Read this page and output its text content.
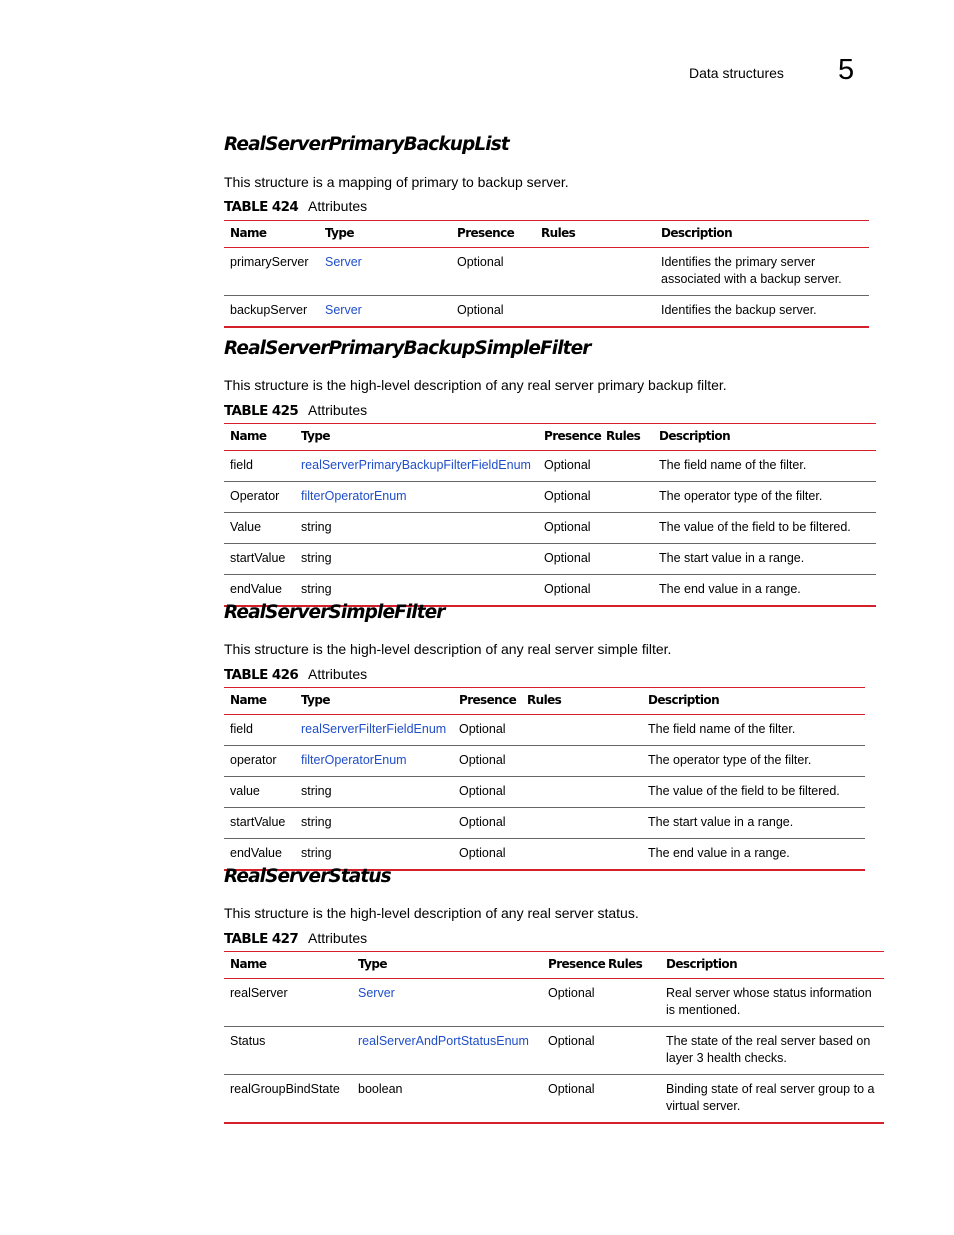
Data structures 5
RealServerPrimaryBackupList

This structure is a mapping of primary to backup server.

TABLE 424 Attributes
Name	Type	Presence	Rules	Description
primaryServer	Server	Optional		Identifies the primary server associated with a backup server.
backupServer	Server	Optional		Identifies the backup server.
RealServerPrimaryBackupSimpleFilter

This structure is the high-level description of any real server primary backup filter.

TABLE 425 Attributes
Name	Type	Presence	Rules	Description
field	realServerPrimaryBackupFilterFieldEnum	Optional		The field name of the filter.
Operator	filterOperatorEnum	Optional		The operator type of the filter.
Value	string	Optional		The value of the field to be filtered.
startValue	string	Optional		The start value in a range.
endValue	string	Optional		The end value in a range.
RealServerSimpleFilter

This structure is the high-level description of any real server simple filter.

TABLE 426 Attributes
Name	Type	Presence	Rules	Description
field	realServerFilterFieldEnum	Optional		The field name of the filter.
operator	filterOperatorEnum	Optional		The operator type of the filter.
value	string	Optional		The value of the field to be filtered.
startValue	string	Optional		The start value in a range.
endValue	string	Optional		The end value in a range.
RealServerStatus

This structure is the high-level description of any real server status.

TABLE 427 Attributes
Name	Type	Presence	Rules	Description
realServer	Server	Optional		Real server whose status information is mentioned.
Status	realServerAndPortStatusEnum	Optional		The state of the real server based on layer 3 health checks.
realGroupBindState	boolean	Optional		Binding state of real server group to a virtual server.
